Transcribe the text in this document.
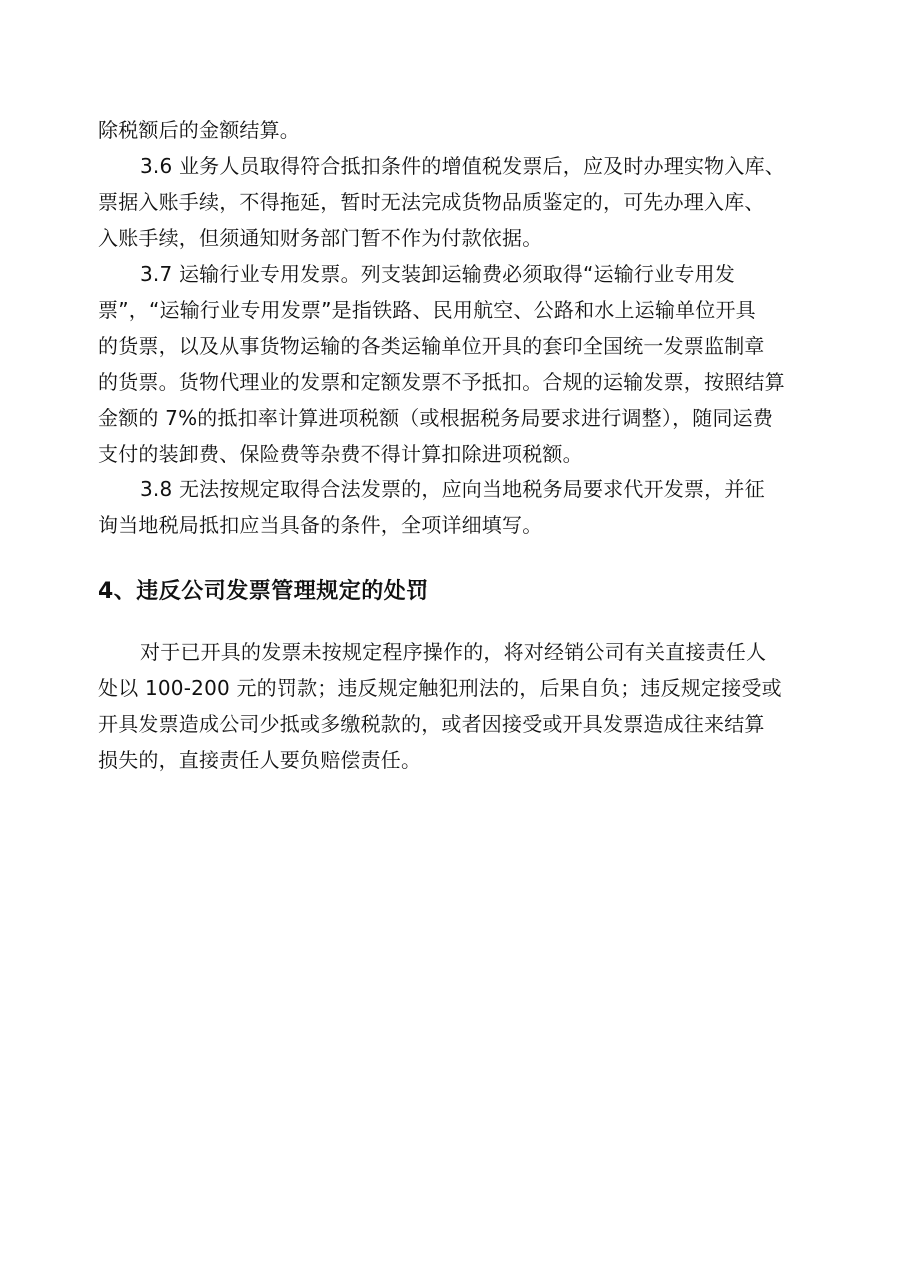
除税额后的金额结算。
3.6 业务人员取得符合抵扣条件的增值税发票后，应及时办理实物入库、
票据入账手续，不得拖延，暂时无法完成货物品质鉴定的，可先办理入库、
入账手续，但须通知财务部门暂不作为付款依据。
3.7 运输行业专用发票。列支装卸运输费必须取得“运输行业专用发
票”，“运输行业专用发票”是指铁路、民用航空、公路和水上运输单位开具
的货票，以及从事货物运输的各类运输单位开具的套印全国统一发票监制章
的货票。货物代理业的发票和定额发票不予抵扣。合规的运输发票，按照结算
金额的 7%的抵扣率计算进项税额（或根据税务局要求进行调整），随同运费
支付的装卸费、保险费等杂费不得计算扣除进项税额。
3.8 无法按规定取得合法发票的，应向当地税务局要求代开发票，并征
询当地税局抵扣应当具备的条件，全项详细填写。
4、违反公司发票管理规定的处罚
对于已开具的发票未按规定程序操作的，将对经销公司有关直接责任人
处以 100-200 元的罚款；违反规定触犯刑法的，后果自负；违反规定接受或
开具发票造成公司少抵或多缴税款的，或者因接受或开具发票造成往来结算
损失的，直接责任人要负赔偿责任。
